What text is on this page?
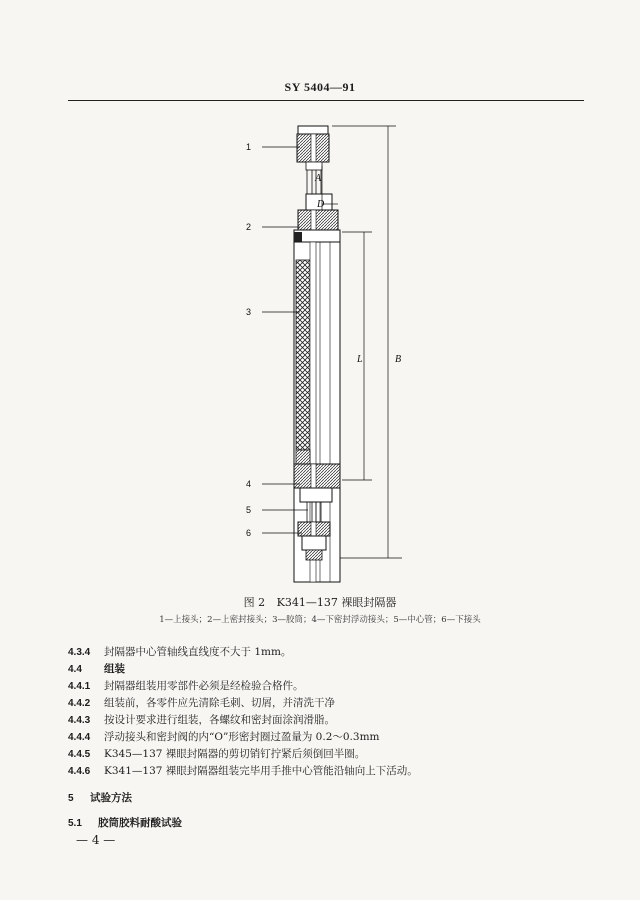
SY 5404—91
1
2
3
4
5
6
A
D
L	B
图 2 K341—137 裸眼封隔器
1—上接头；2—上密封接头；3—胶筒；4—下密封浮动接头；5—中心管；6—下接头
4.3.4 封隔器中心管轴线直线度不大于 1mm。
4.4 组装
4.4.1 封隔器组装用零部件必须是经检验合格件。
4.4.2 组装前，各零件应先清除毛刺、切屑，并清洗干净
4.4.3 按设计要求进行组装，各螺纹和密封面涂润滑脂。
4.4.4 浮动接头和密封阀的内“O”形密封圈过盈量为 0.2～0.3mm
4.4.5 K345—137 裸眼封隔器的剪切销钉拧紧后须倒回半圈。
4.4.6 K341—137 裸眼封隔器组装完毕用手推中心管能沿轴向上下活动。
5 试验方法
5.1 胶筒胶料耐酸试验
— 4 —
